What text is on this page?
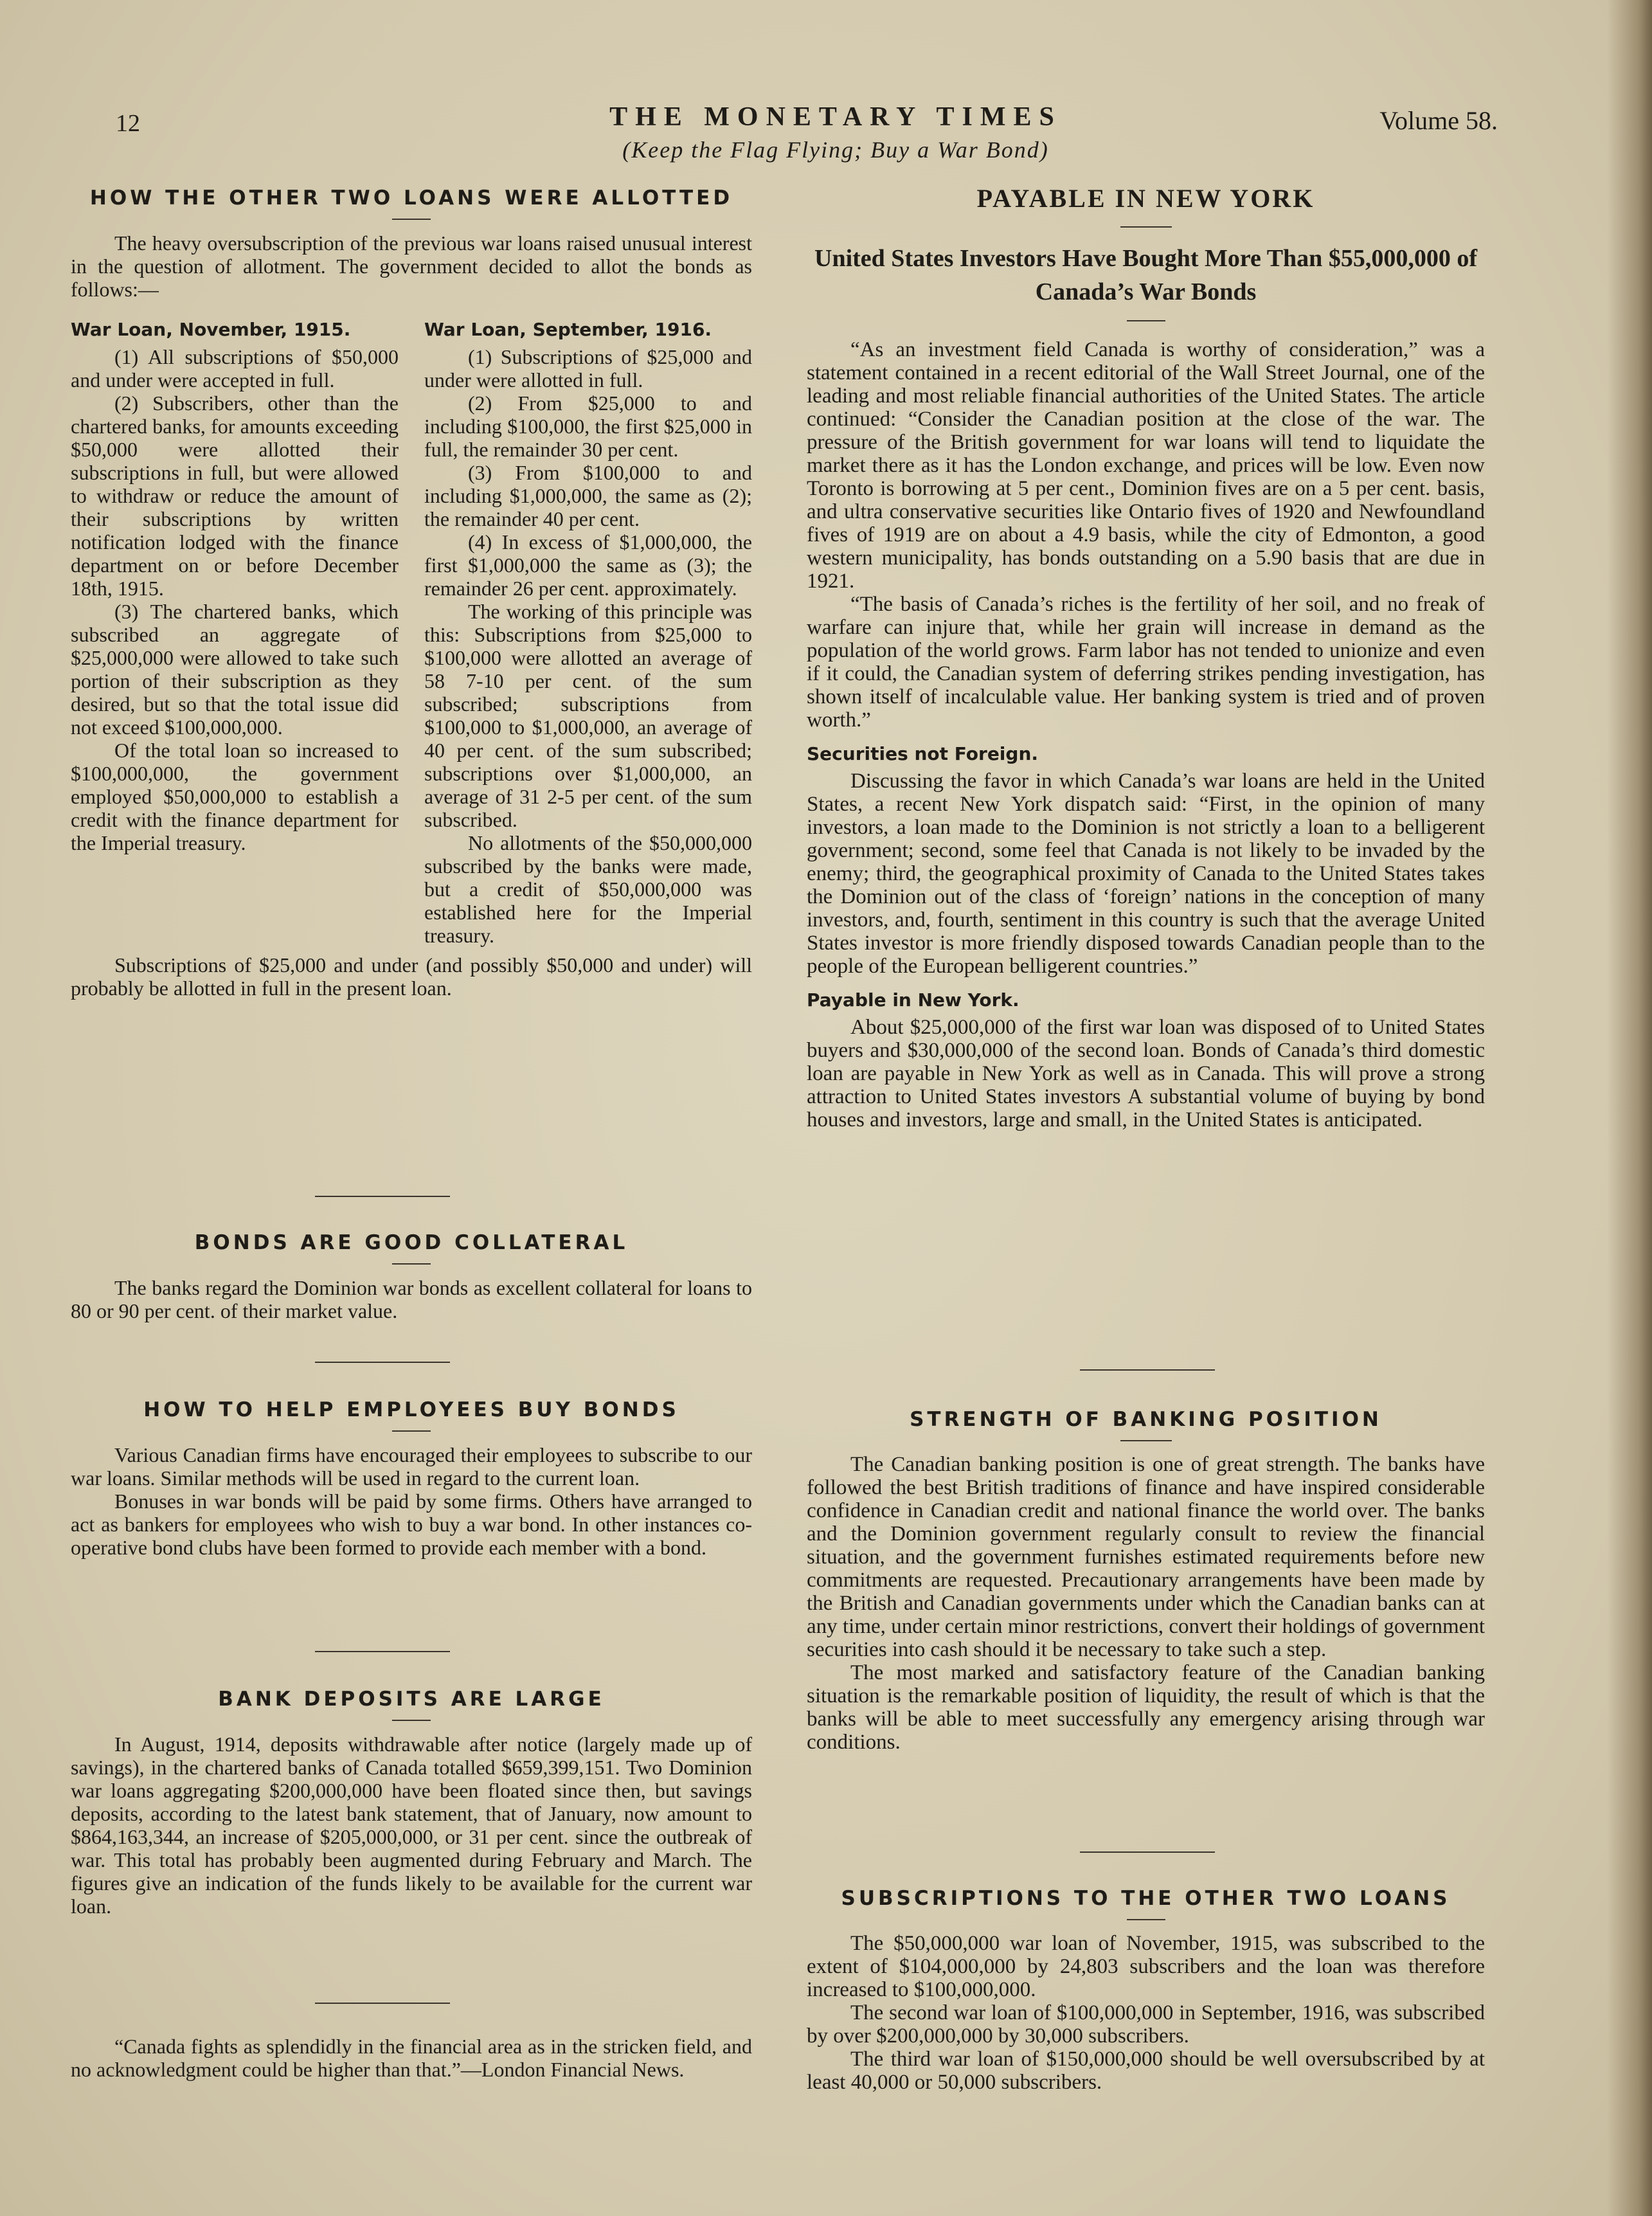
12	THE MONETARY TIMES
(Keep the Flag Flying; Buy a War Bond)
Volume 58.
HOW THE OTHER TWO LOANS WERE ALLOTTED

The heavy oversubscription of the previous war loans raised unusual interest in the question of allotment. The government decided to allot the bonds as follows:—

War Loan, November, 1915.

(1) All subscriptions of $50,000 and under were accepted in full.

(2) Subscribers, other than the chartered banks, for amounts exceeding $50,000 were allotted their subscriptions in full, but were allowed to withdraw or reduce the amount of their subscriptions by written notification lodged with the finance department on or before December 18th, 1915.

(3) The chartered banks, which subscribed an aggregate of $25,000,000 were allowed to take such portion of their subscription as they desired, but so that the total issue did not exceed $100,000,000.

Of the total loan so increased to $100,000,000, the government employed $50,000,000 to establish a credit with the finance department for the Imperial treasury.

War Loan, September, 1916.

(1) Subscriptions of $25,000 and under were allotted in full.

(2) From $25,000 to and including $100,000, the first $25,000 in full, the remainder 30 per cent.

(3) From $100,000 to and including $1,000,000, the same as (2); the remainder 40 per cent.

(4) In excess of $1,000,000, the first $1,000,000 the same as (3); the remainder 26 per cent. approximately.

The working of this principle was this: Subscriptions from $25,000 to $100,000 were allotted an average of 58 7-10 per cent. of the sum subscribed; subscriptions from $100,000 to $1,000,000, an average of 40 per cent. of the sum subscribed; subscriptions over $1,000,000, an average of 31 2-5 per cent. of the sum subscribed.

No allotments of the $50,000,000 subscribed by the banks were made, but a credit of $50,000,000 was established here for the Imperial treasury.

Subscriptions of $25,000 and under (and possibly $50,000 and under) will probably be allotted in full in the present loan.

BONDS ARE GOOD COLLATERAL

The banks regard the Dominion war bonds as excellent collateral for loans to 80 or 90 per cent. of their market value.

HOW TO HELP EMPLOYEES BUY BONDS

Various Canadian firms have encouraged their employees to subscribe to our war loans. Similar methods will be used in regard to the current loan.

Bonuses in war bonds will be paid by some firms. Others have arranged to act as bankers for employees who wish to buy a war bond. In other instances co-operative bond clubs have been formed to provide each member with a bond.

BANK DEPOSITS ARE LARGE

In August, 1914, deposits withdrawable after notice (largely made up of savings), in the chartered banks of Canada totalled $659,399,151. Two Dominion war loans aggregating $200,000,000 have been floated since then, but savings deposits, according to the latest bank statement, that of January, now amount to $864,163,344, an increase of $205,000,000, or 31 per cent. since the outbreak of war. This total has probably been augmented during February and March. The figures give an indication of the funds likely to be available for the current war loan.

“Canada fights as splendidly in the financial area as in the stricken field, and no acknowledgment could be higher than that.”—London Financial News.

PAYABLE IN NEW YORK
United States Investors Have Bought More Than $55,000,000 of Canada’s War Bonds

“As an investment field Canada is worthy of consideration,” was a statement contained in a recent editorial of the Wall Street Journal, one of the leading and most reliable financial authorities of the United States. The article continued: “Consider the Canadian position at the close of the war. The pressure of the British government for war loans will tend to liquidate the market there as it has the London exchange, and prices will be low. Even now Toronto is borrowing at 5 per cent., Dominion fives are on a 5 per cent. basis, and ultra conservative securities like Ontario fives of 1920 and Newfoundland fives of 1919 are on about a 4.9 basis, while the city of Edmonton, a good western municipality, has bonds outstanding on a 5.90 basis that are due in 1921.

“The basis of Canada’s riches is the fertility of her soil, and no freak of warfare can injure that, while her grain will increase in demand as the population of the world grows. Farm labor has not tended to unionize and even if it could, the Canadian system of deferring strikes pending investigation, has shown itself of incalculable value. Her banking system is tried and of proven worth.”

Securities not Foreign.

Discussing the favor in which Canada’s war loans are held in the United States, a recent New York dispatch said: “First, in the opinion of many investors, a loan made to the Dominion is not strictly a loan to a belligerent government; second, some feel that Canada is not likely to be invaded by the enemy; third, the geographical proximity of Canada to the United States takes the Dominion out of the class of ‘foreign’ nations in the conception of many investors, and, fourth, sentiment in this country is such that the average United States investor is more friendly disposed towards Canadian people than to the people of the European belligerent countries.”

Payable in New York.

About $25,000,000 of the first war loan was disposed of to United States buyers and $30,000,000 of the second loan. Bonds of Canada’s third domestic loan are payable in New York as well as in Canada. This will prove a strong attraction to United States investors A substantial volume of buying by bond houses and investors, large and small, in the United States is anticipated.

STRENGTH OF BANKING POSITION

The Canadian banking position is one of great strength. The banks have followed the best British traditions of finance and have inspired considerable confidence in Canadian credit and national finance the world over. The banks and the Dominion government regularly consult to review the financial situation, and the government furnishes estimated requirements before new commitments are requested. Precautionary arrangements have been made by the British and Canadian governments under which the Canadian banks can at any time, under certain minor restrictions, convert their holdings of government securities into cash should it be necessary to take such a step.

The most marked and satisfactory feature of the Canadian banking situation is the remarkable position of liquidity, the result of which is that the banks will be able to meet successfully any emergency arising through war conditions.

SUBSCRIPTIONS TO THE OTHER TWO LOANS

The $50,000,000 war loan of November, 1915, was subscribed to the extent of $104,000,000 by 24,803 subscribers and the loan was therefore increased to $100,000,000.

The second war loan of $100,000,000 in September, 1916, was subscribed by over $200,000,000 by 30,000 subscribers.

The third war loan of $150,000,000 should be well oversubscribed by at least 40,000 or 50,000 subscribers.
